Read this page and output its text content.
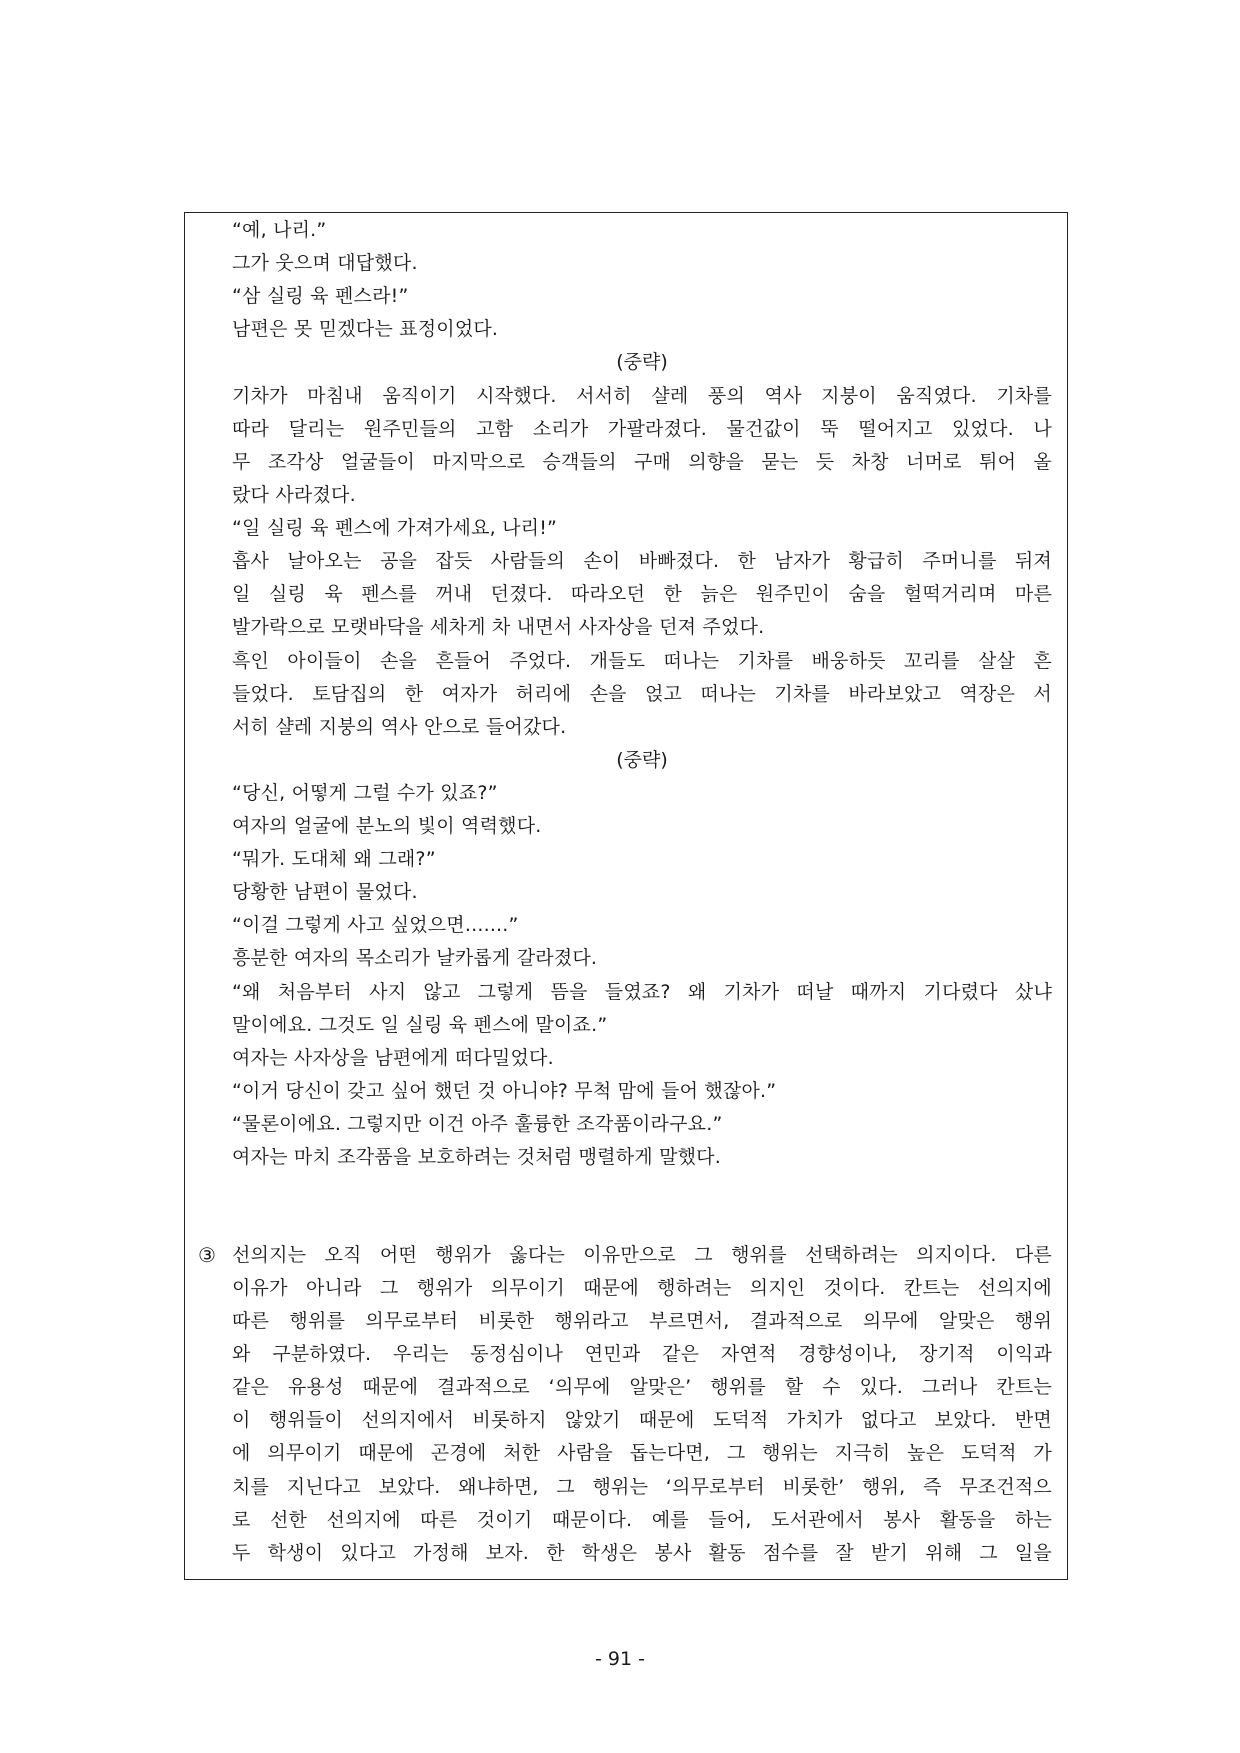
“예, 나리.”
그가 웃으며 대답했다.
“삼 실링 육 펜스라!”
남편은 못 믿겠다는 표정이었다.
(중략)
기차가 마침내 움직이기 시작했다. 서서히 샬레 풍의 역사 지붕이 움직였다. 기차를
따라 달리는 원주민들의 고함 소리가 가팔라졌다. 물건값이 뚝 떨어지고 있었다. 나
무 조각상 얼굴들이 마지막으로 승객들의 구매 의향을 묻는 듯 차창 너머로 튀어 올
랐다 사라졌다.
“일 실링 육 펜스에 가져가세요, 나리!”
흡사 날아오는 공을 잡듯 사람들의 손이 바빠졌다. 한 남자가 황급히 주머니를 뒤져
일 실링 육 펜스를 꺼내 던졌다. 따라오던 한 늙은 원주민이 숨을 헐떡거리며 마른
발가락으로 모랫바닥을 세차게 차 내면서 사자상을 던져 주었다.
흑인 아이들이 손을 흔들어 주었다. 개들도 떠나는 기차를 배웅하듯 꼬리를 살살 흔
들었다. 토담집의 한 여자가 허리에 손을 얹고 떠나는 기차를 바라보았고 역장은 서
서히 샬레 지붕의 역사 안으로 들어갔다.
(중략)
“당신, 어떻게 그럴 수가 있죠?”
여자의 얼굴에 분노의 빛이 역력했다.
“뭐가. 도대체 왜 그래?”
당황한 남편이 물었다.
“이걸 그렇게 사고 싶었으면.......”
흥분한 여자의 목소리가 날카롭게 갈라졌다.
“왜 처음부터 사지 않고 그렇게 뜸을 들였죠? 왜 기차가 떠날 때까지 기다렸다 샀냐
말이에요. 그것도 일 실링 육 펜스에 말이죠.”
여자는 사자상을 남편에게 떠다밀었다.
“이거 당신이 갖고 싶어 했던 것 아니야? 무척 맘에 들어 했잖아.”
“물론이에요. 그렇지만 이건 아주 훌륭한 조각품이라구요.”
여자는 마치 조각품을 보호하려는 것처럼 맹렬하게 말했다.
③ 선의지는 오직 어떤 행위가 옳다는 이유만으로 그 행위를 선택하려는 의지이다. 다른
이유가 아니라 그 행위가 의무이기 때문에 행하려는 의지인 것이다. 칸트는 선의지에
따른 행위를 의무로부터 비롯한 행위라고 부르면서, 결과적으로 의무에 알맞은 행위
와 구분하였다. 우리는 동정심이나 연민과 같은 자연적 경향성이나, 장기적 이익과
같은 유용성 때문에 결과적으로 ‘의무에 알맞은’ 행위를 할 수 있다. 그러나 칸트는
이 행위들이 선의지에서 비롯하지 않았기 때문에 도덕적 가치가 없다고 보았다. 반면
에 의무이기 때문에 곤경에 처한 사람을 돕는다면, 그 행위는 지극히 높은 도덕적 가
치를 지닌다고 보았다. 왜냐하면, 그 행위는 ‘의무로부터 비롯한’ 행위, 즉 무조건적으
로 선한 선의지에 따른 것이기 때문이다. 예를 들어, 도서관에서 봉사 활동을 하는
두 학생이 있다고 가정해 보자. 한 학생은 봉사 활동 점수를 잘 받기 위해 그 일을
- 91 -
